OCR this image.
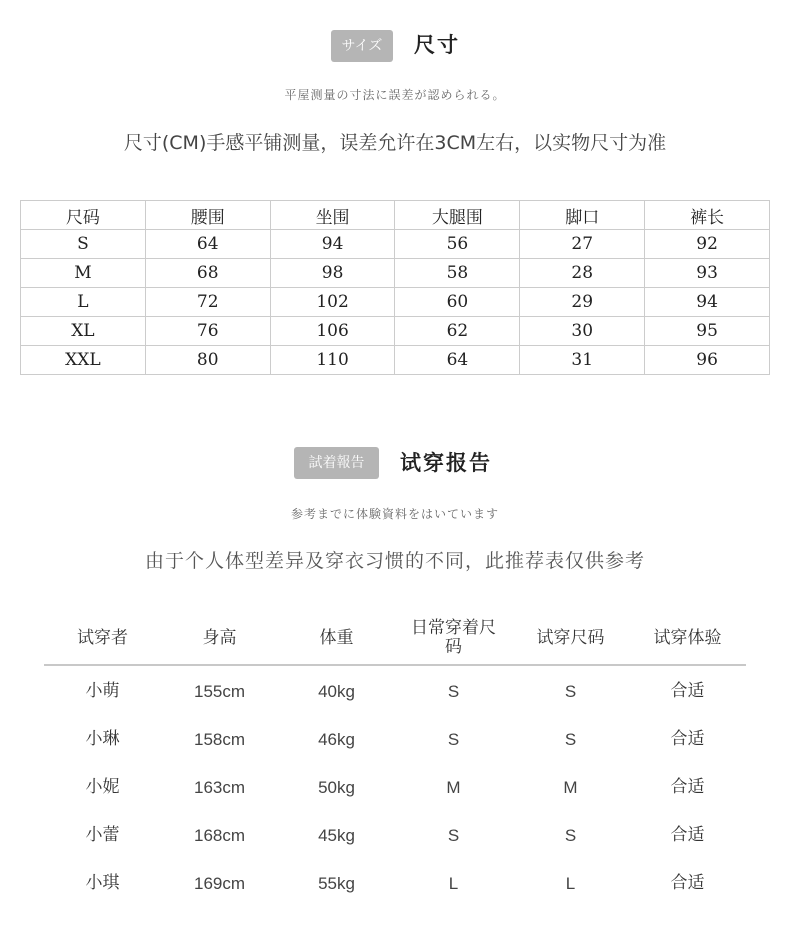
サイズ	尺寸
平屋测量の寸法に誤差が認められる。
尺寸(CM)手感平铺测量，误差允许在3CM左右，以实物尺寸为准
尺码	腰围	坐围	大腿围	脚口	裤长
S	64	94	56	27	92
M	68	98	58	28	93
L	72	102	60	29	94
XL	76	106	62	30	95
XXL	80	110	64	31	96
試着報告	试穿报告
参考までに体験資料をはいています
由于个人体型差异及穿衣习惯的不同，此推荐表仅供参考
试穿者	身高	体重	日常穿着尺码	试穿尺码	试穿体验
小萌	155cm	40kg	S	S	合适
小琳	158cm	46kg	S	S	合适
小妮	163cm	50kg	M	M	合适
小蕾	168cm	45kg	S	S	合适
小琪	169cm	55kg	L	L	合适
